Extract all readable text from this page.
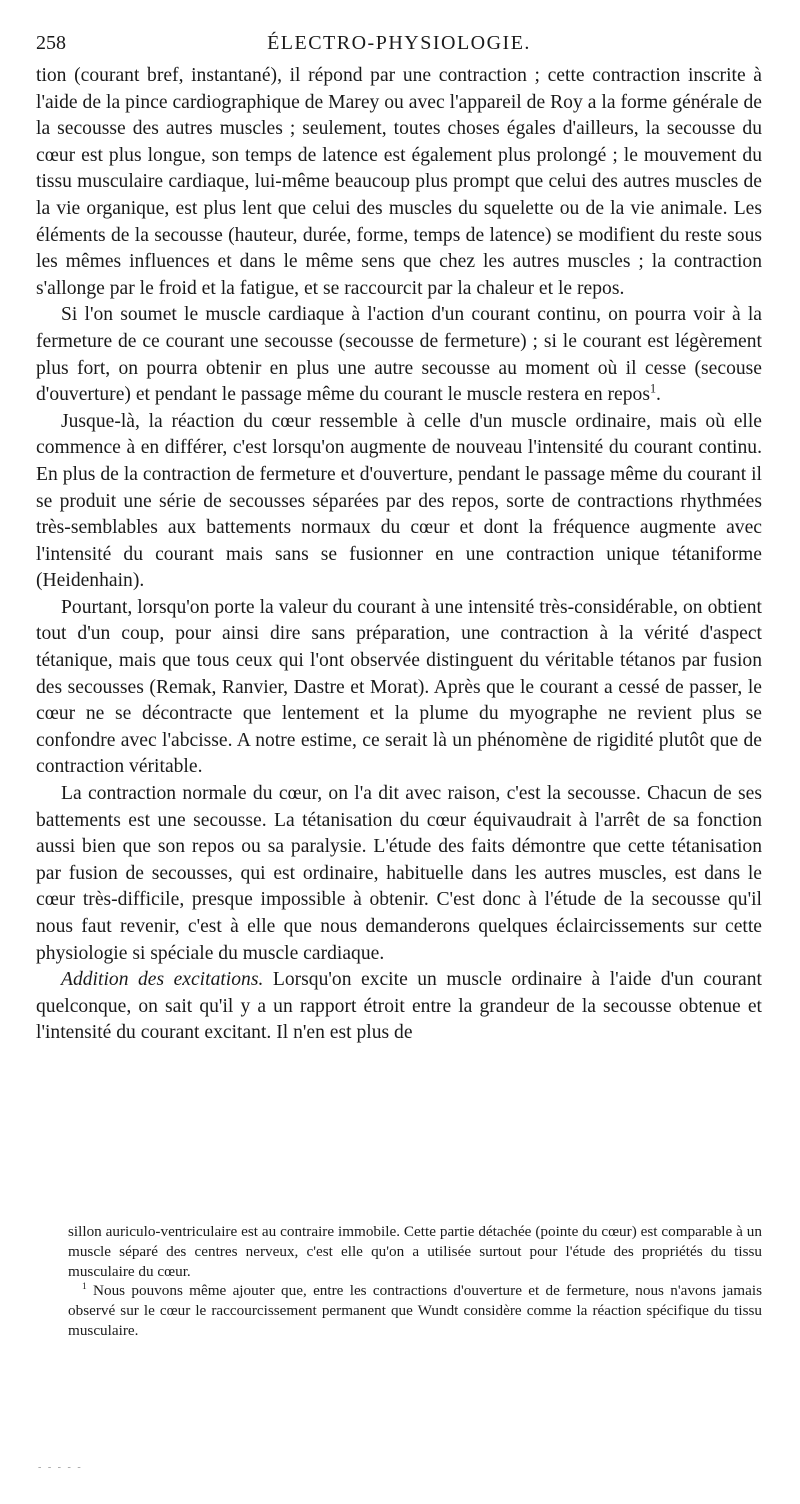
258	ÉLECTRO-PHYSIOLOGIE.

tion (courant bref, instantané), il répond par une contraction ; cette contraction inscrite à l'aide de la pince cardiographique de Marey ou avec l'appareil de Roy a la forme générale de la secousse des autres muscles ; seulement, toutes choses égales d'ailleurs, la secousse du cœur est plus longue, son temps de latence est également plus prolongé ; le mouvement du tissu musculaire cardiaque, lui-même beaucoup plus prompt que celui des autres muscles de la vie organique, est plus lent que celui des muscles du squelette ou de la vie animale. Les éléments de la secousse (hauteur, durée, forme, temps de latence) se modifient du reste sous les mêmes influences et dans le même sens que chez les autres muscles ; la contraction s'allonge par le froid et la fatigue, et se raccourcit par la chaleur et le repos.

Si l'on soumet le muscle cardiaque à l'action d'un courant continu, on pourra voir à la fermeture de ce courant une secousse (secousse de fermeture) ; si le courant est légèrement plus fort, on pourra obtenir en plus une autre secousse au moment où il cesse (secouse d'ouverture) et pendant le passage même du courant le muscle restera en repos$^1$.

Jusque-là, la réaction du cœur ressemble à celle d'un muscle ordinaire, mais où elle commence à en différer, c'est lorsqu'on augmente de nouveau l'intensité du courant continu. En plus de la contraction de fermeture et d'ouverture, pendant le passage même du courant il se produit une série de secousses séparées par des repos, sorte de contractions rhythmées très-semblables aux battements normaux du cœur et dont la fréquence augmente avec l'intensité du courant mais sans se fusionner en une contraction unique tétaniforme (Heidenhain).

Pourtant, lorsqu'on porte la valeur du courant à une intensité très-considérable, on obtient tout d'un coup, pour ainsi dire sans préparation, une contraction à la vérité d'aspect tétanique, mais que tous ceux qui l'ont observée distinguent du véritable tétanos par fusion des secousses (Remak, Ranvier, Dastre et Morat). Après que le courant a cessé de passer, le cœur ne se décontracte que lentement et la plume du myographe ne revient plus se confondre avec l'abcisse. A notre estime, ce serait là un phénomène de rigidité plutôt que de contraction véritable.

La contraction normale du cœur, on l'a dit avec raison, c'est la secousse. Chacun de ses battements est une secousse. La tétanisation du cœur équivaudrait à l'arrêt de sa fonction aussi bien que son repos ou sa paralysie. L'étude des faits démontre que cette tétanisation par fusion de secousses, qui est ordinaire, habituelle dans les autres muscles, est dans le cœur très-difficile, presque impossible à obtenir. C'est donc à l'étude de la secousse qu'il nous faut revenir, c'est à elle que nous demanderons quelques éclaircissements sur cette physiologie si spéciale du muscle cardiaque.

Addition des excitations. Lorsqu'on excite un muscle ordinaire à l'aide d'un courant quelconque, on sait qu'il y a un rapport étroit entre la grandeur de la secousse obtenue et l'intensité du courant excitant. Il n'en est plus de

sillon auriculo-ventriculaire est au contraire immobile. Cette partie détachée (pointe du cœur) est comparable à un muscle séparé des centres nerveux, c'est elle qu'on a utilisée surtout pour l'étude des propriétés du tissu musculaire du cœur.

$^1$ Nous pouvons même ajouter que, entre les contractions d'ouverture et de fermeture, nous n'avons jamais observé sur le cœur le raccourcissement permanent que Wundt considère comme la réaction spécifique du tissu musculaire.

- - - - -
